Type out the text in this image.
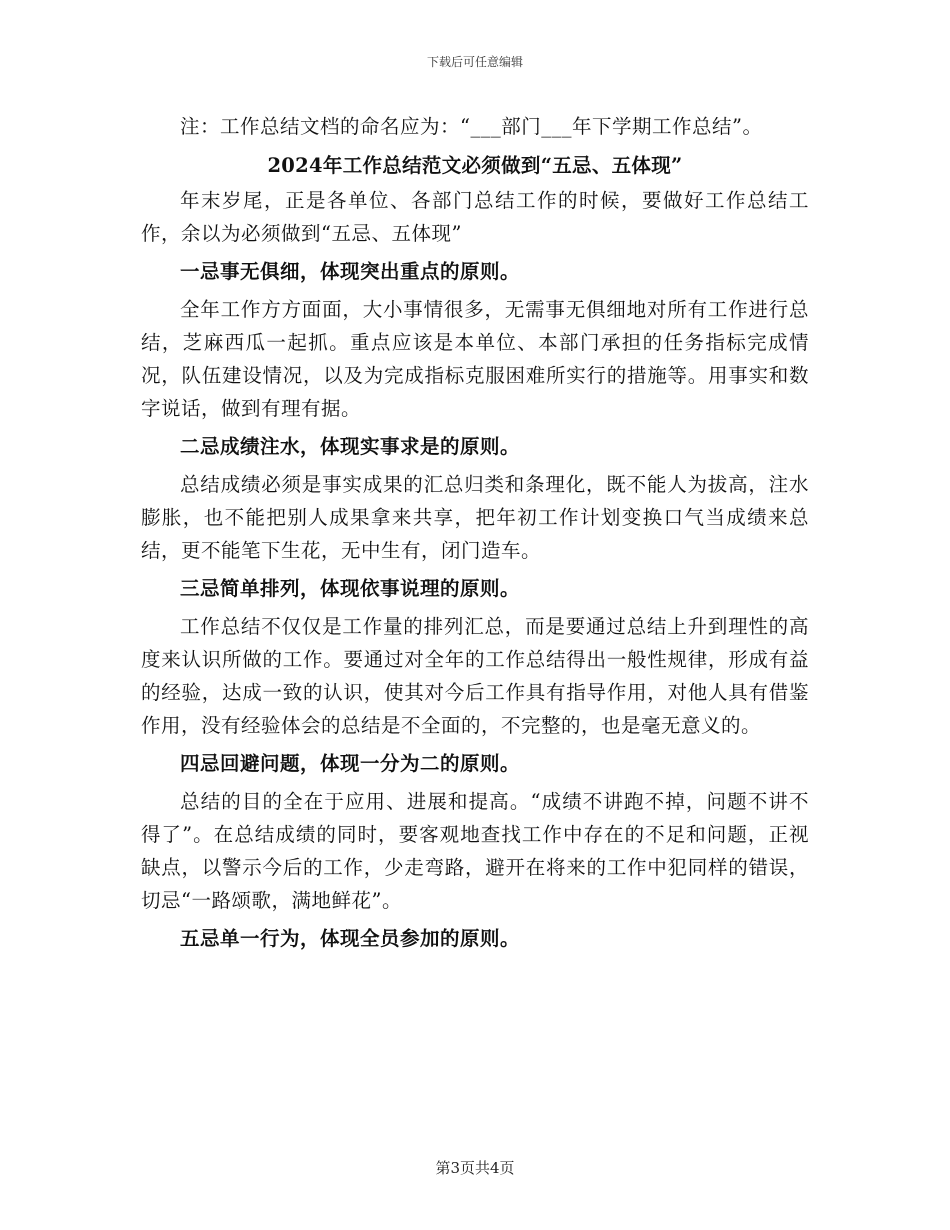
下载后可任意编辑

注：工作总结文档的命名应为：“___部门___年下学期工作总结”。

2024年工作总结范文必须做到“五忌、五体现”

年末岁尾，正是各单位、各部门总结工作的时候，要做好工作总结工作，余以为必须做到“五忌、五体现”

一忌事无俱细，体现突出重点的原则。

全年工作方方面面，大小事情很多，无需事无俱细地对所有工作进行总结，芝麻西瓜一起抓。重点应该是本单位、本部门承担的任务指标完成情况，队伍建设情况，以及为完成指标克服困难所实行的措施等。用事实和数字说话，做到有理有据。

二忌成绩注水，体现实事求是的原则。

总结成绩必须是事实成果的汇总归类和条理化，既不能人为拔高，注水膨胀，也不能把别人成果拿来共享，把年初工作计划变换口气当成绩来总结，更不能笔下生花，无中生有，闭门造车。

三忌简单排列，体现依事说理的原则。

工作总结不仅仅是工作量的排列汇总，而是要通过总结上升到理性的高度来认识所做的工作。要通过对全年的工作总结得出一般性规律，形成有益的经验，达成一致的认识，使其对今后工作具有指导作用，对他人具有借鉴作用，没有经验体会的总结是不全面的，不完整的，也是毫无意义的。

四忌回避问题，体现一分为二的原则。

总结的目的全在于应用、进展和提高。“成绩不讲跑不掉，问题不讲不得了”。在总结成绩的同时，要客观地查找工作中存在的不足和问题，正视缺点，以警示今后的工作，少走弯路，避开在将来的工作中犯同样的错误，切忌“一路颂歌，满地鲜花”。

五忌单一行为，体现全员参加的原则。
第3页共4页
